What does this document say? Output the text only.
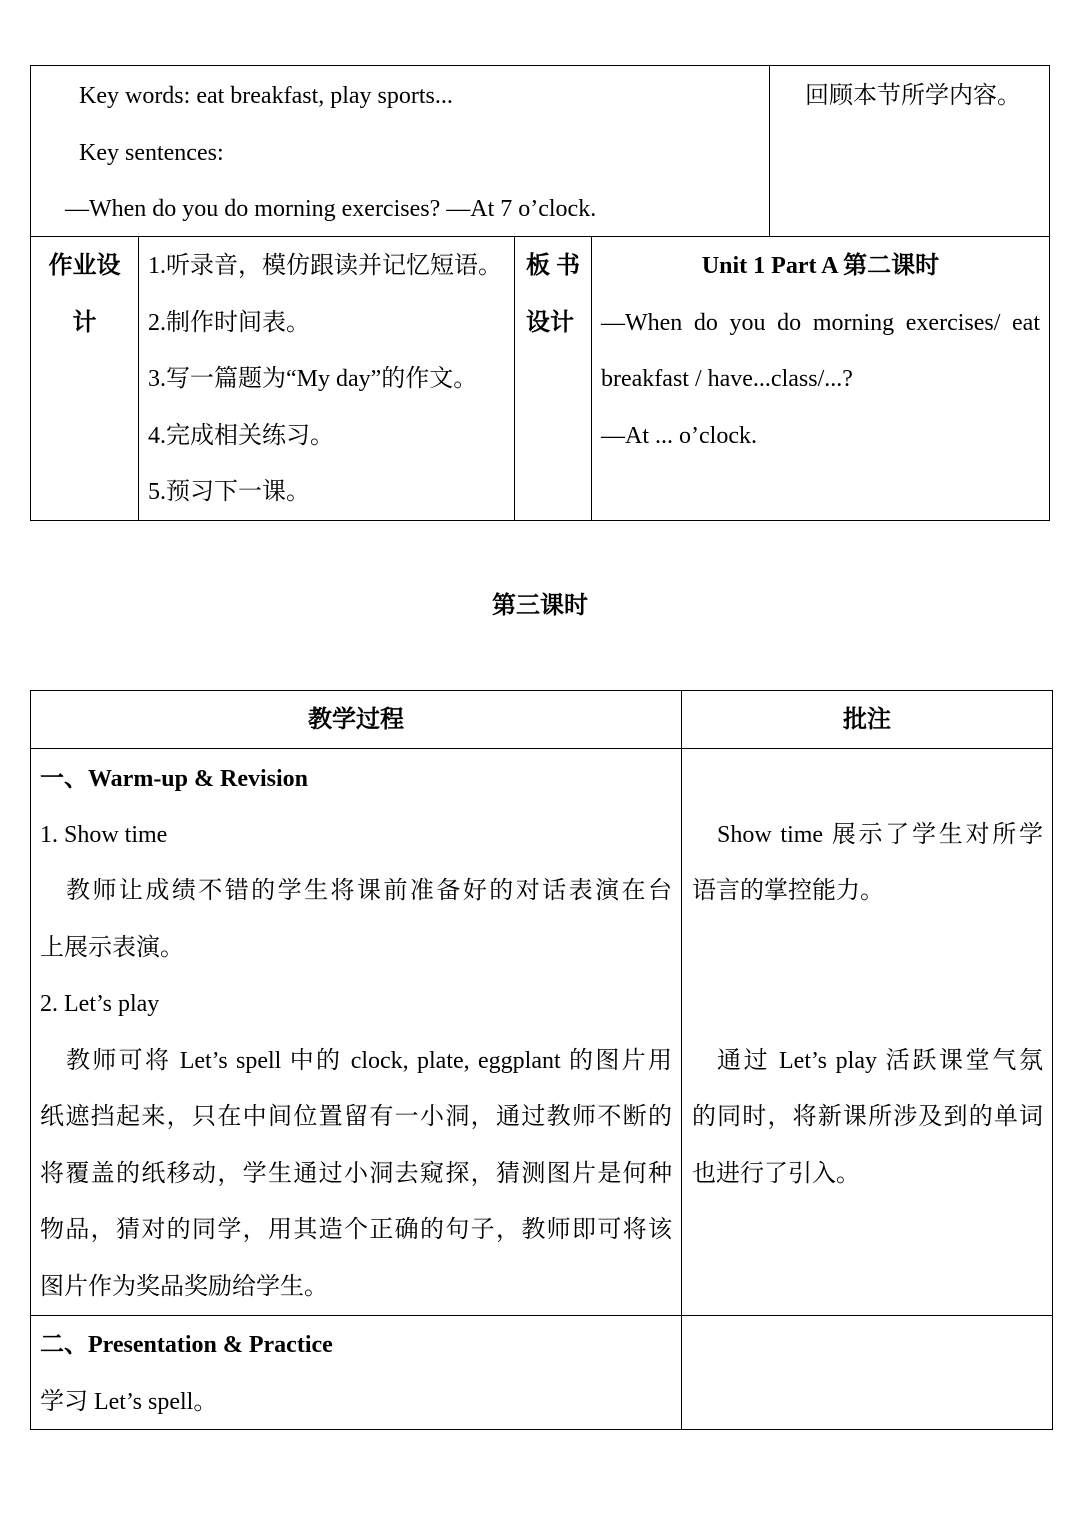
Key words: eat breakfast, play sports...
Key sentences:
—When do you do morning exercises? —At 7 o’clock.
回顾本节所学内容。
作业设
计
1.听录音，模仿跟读并记忆短语。
2.制作时间表。
3.写一篇题为“My day”的作文。
4.完成相关练习。
5.预习下一课。
板 书
设计
Unit 1 Part A 第二课时
—When do you do morning exercises/ eat
breakfast / have...class/...?
—At ... o’clock.
第三课时
教学过程	批注
一、Warm-up & Revision
1. Show time
教师让成绩不错的学生将课前准备好的对话表演在台
上展示表演。
2. Let’s play
教师可将 Let’s spell 中的 clock, plate, eggplant 的图片用
纸遮挡起来，只在中间位置留有一小洞，通过教师不断的
将覆盖的纸移动，学生通过小洞去窥探，猜测图片是何种
物品，猜对的同学，用其造个正确的句子，教师即可将该
图片作为奖品奖励给学生。
Show time 展示了学生对所学
语言的掌控能力。
通过 Let’s play 活跃课堂气氛
的同时，将新课所涉及到的单词
也进行了引入。
二、Presentation & Practice
学习 Let’s spell。
